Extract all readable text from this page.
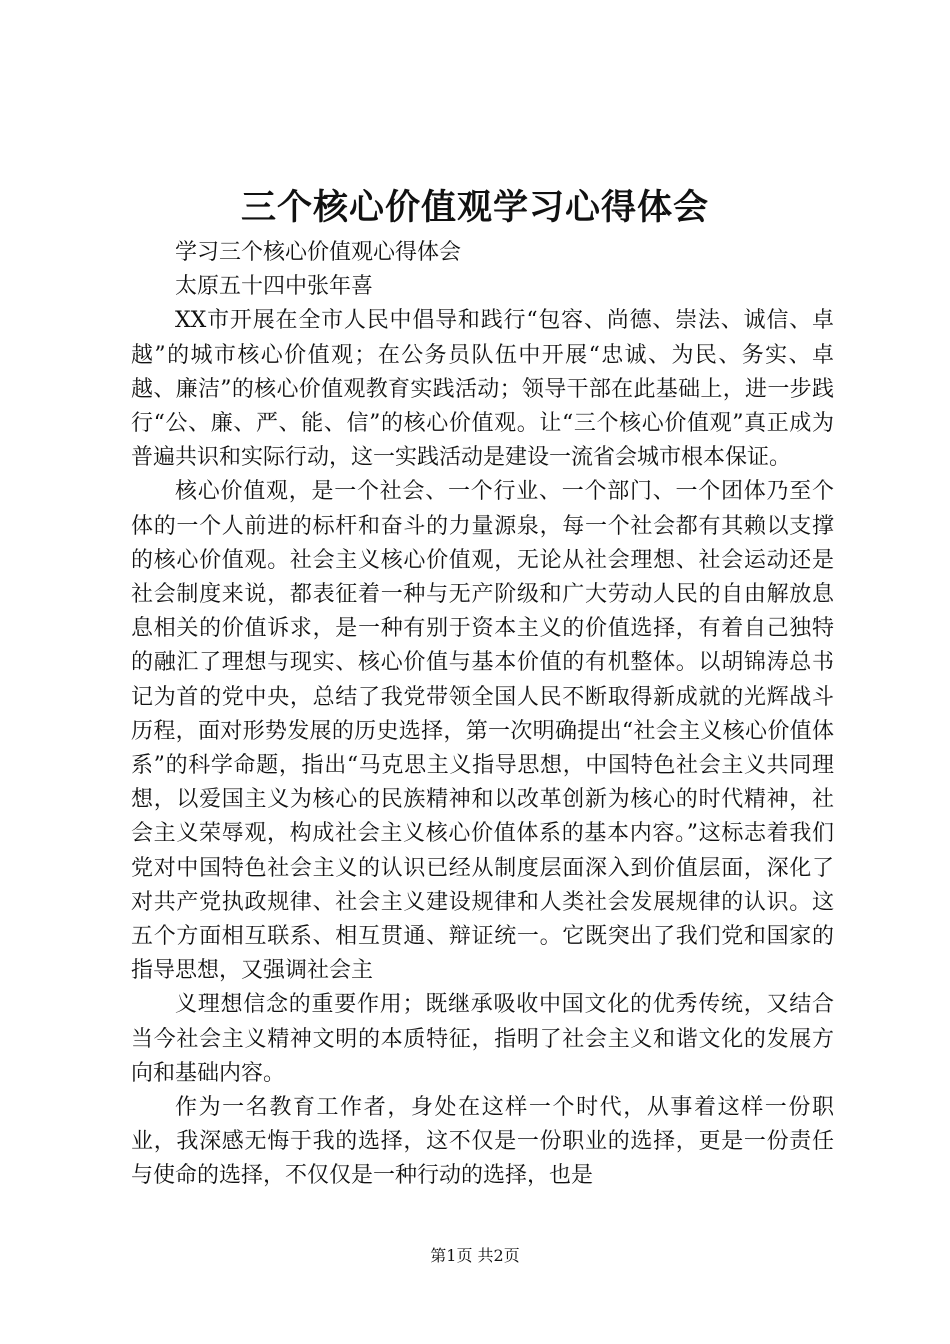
三个核心价值观学习心得体会

学习三个核心价值观心得体会

太原五十四中张年喜

XX市开展在全市人民中倡导和践行“包容、尚德、崇法、诚信、卓越”的城市核心价值观；在公务员队伍中开展“忠诚、为民、务实、卓越、廉洁”的核心价值观教育实践活动；领导干部在此基础上，进一步践行“公、廉、严、能、信”的核心价值观。让“三个核心价值观”真正成为普遍共识和实际行动，这一实践活动是建设一流省会城市根本保证。

核心价值观，是一个社会、一个行业、一个部门、一个团体乃至个体的一个人前进的标杆和奋斗的力量源泉，每一个社会都有其赖以支撑的核心价值观。社会主义核心价值观，无论从社会理想、社会运动还是社会制度来说，都表征着一种与无产阶级和广大劳动人民的自由解放息息相关的价值诉求，是一种有别于资本主义的价值选择，有着自己独特的融汇了理想与现实、核心价值与基本价值的有机整体。以胡锦涛总书记为首的党中央，总结了我党带领全国人民不断取得新成就的光辉战斗历程，面对形势发展的历史选择，第一次明确提出“社会主义核心价值体系”的科学命题，指出“马克思主义指导思想，中国特色社会主义共同理想，以爱国主义为核心的民族精神和以改革创新为核心的时代精神，社会主义荣辱观，构成社会主义核心价值体系的基本内容。”这标志着我们党对中国特色社会主义的认识已经从制度层面深入到价值层面，深化了对共产党执政规律、社会主义建设规律和人类社会发展规律的认识。这五个方面相互联系、相互贯通、辩证统一。它既突出了我们党和国家的指导思想，又强调社会主

义理想信念的重要作用；既继承吸收中国文化的优秀传统，又结合当今社会主义精神文明的本质特征，指明了社会主义和谐文化的发展方向和基础内容。

作为一名教育工作者，身处在这样一个时代，从事着这样一份职业，我深感无悔于我的选择，这不仅是一份职业的选择，更是一份责任与使命的选择，不仅仅是一种行动的选择，也是

第1页 共2页
